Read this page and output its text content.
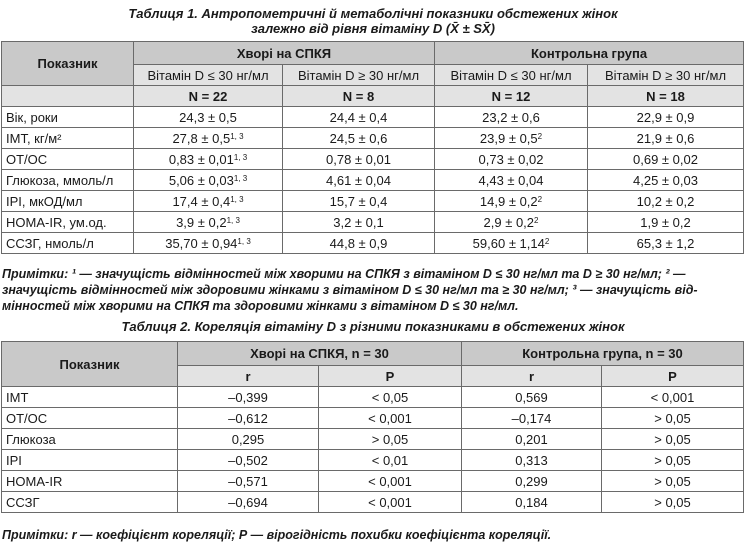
Таблиця 1. Антропометричні й метаболічні показники обстежених жінок
залежно від рівня вітаміну D (X̄ ± SX̄)
Показник	Хворі на СПКЯ		Контрольна група	
	Вітамін D ≤ 30 нг/мл	Вітамін D ≥ 30 нг/мл	Вітамін D ≤ 30 нг/мл	Вітамін D ≥ 30 нг/мл
	N = 22	N = 8	N = 12	N = 18
Вік, роки	24,3 ± 0,5	24,4 ± 0,4	23,2 ± 0,6	22,9 ± 0,9
ІМТ, кг/м²	$27,8 \pm 0,5^{1, 3}$	24,5 ± 0,6	$23,9 \pm 0,5^2$	21,9 ± 0,6
ОТ/ОС	$0,83 \pm 0,01^{1, 3}$	0,78 ± 0,01	0,73 ± 0,02	0,69 ± 0,02
Глюкоза, ммоль/л	$5,06 \pm 0,03^{1, 3}$	4,61 ± 0,04	4,43 ± 0,04	4,25 ± 0,03
ІРІ, мкОД/мл	$17,4 \pm 0,4^{1, 3}$	15,7 ± 0,4	$14,9 \pm 0,2^2$	10,2 ± 0,2
НОМА-IR, ум.од.	$3,9 \pm 0,2^{1, 3}$	3,2 ± 0,1	$2,9 \pm 0,2^2$	1,9 ± 0,2
ССЗГ, нмоль/л	$35,70 \pm 0,94^{1, 3}$	44,8 ± 0,9	$59,60 \pm 1,14^2$	65,3 ± 1,2
Примітки: ¹ — значущість відмінностей між хворими на СПКЯ з вітаміном D ≤ 30 нг/мл та D ≥ 30 нг/мл; ² —
значущість відмінностей між здоровими жінками з вітаміном D ≤ 30 нг/мл та ≥ 30 нг/мл; ³ — значущість від-
мінностей між хворими на СПКЯ та здоровими жінками з вітаміном D ≤ 30 нг/мл.
Таблиця 2. Кореляція вітаміну D з різними показниками в обстежених жінок
Показник	Хворі на СПКЯ, n = 30		Контрольна група, n = 30	
	r	P	r	P
ІМТ	–0,399	< 0,05	0,569	< 0,001
ОТ/ОС	–0,612	< 0,001	–0,174	> 0,05
Глюкоза	0,295	> 0,05	0,201	> 0,05
ІРІ	–0,502	< 0,01	0,313	> 0,05
НОМА-IR	–0,571	< 0,001	0,299	> 0,05
ССЗГ	–0,694	< 0,001	0,184	> 0,05
Примітки: r — коефіцієнт кореляції; Р — вірогідність похибки коефіцієнта кореляції.
